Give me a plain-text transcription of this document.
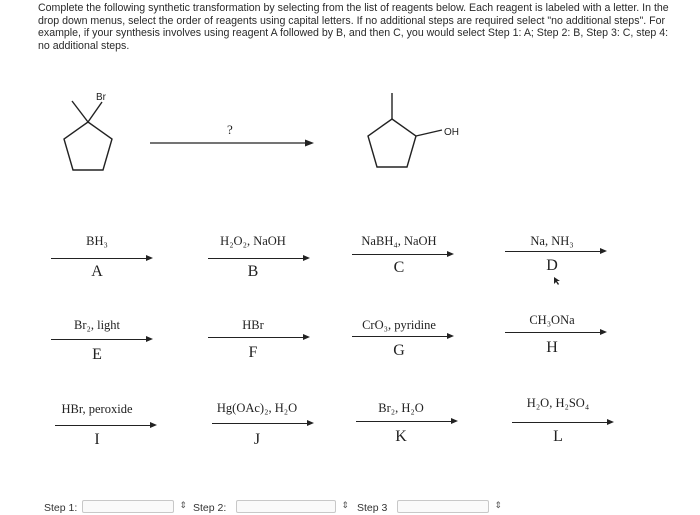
Complete the following synthetic transformation by selecting from the list of reagents below. Each reagent is labeled with a letter. In the drop down menus, select the order of reagents using capital letters. If no additional steps are required select "no additional steps". For example, if your synthesis involves using reagent A followed by B, and then C, you would select Step 1: A; Step 2: B, Step 3: C, step 4: no additional steps.
Br
?	OH
BH₃
A
H₂O₂, NaOH
B
NaBH₄, NaOH
C
Na, NH₃
D
Br₂, light
E
HBr
F
CrO₃, pyridine
G
CH₃ONa
H
HBr, peroxide
I
Hg(OAc)₂, H₂O
J
Br₂, H₂O
K
H₂O, H₂SO₄
L
Step 1:	⇕ Step 2:	⇕ Step 3	⇕
